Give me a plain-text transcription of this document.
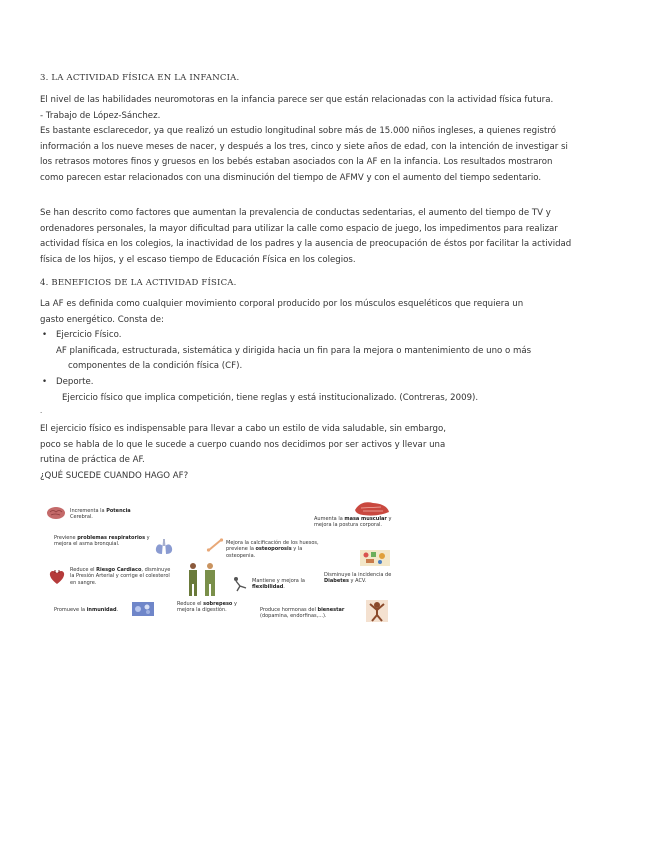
3. LA ACTIVIDAD FÍSICA EN LA INFANCIA.

El nivel de las habilidades neuromotoras en la infancia parece ser que están relacionadas con la actividad física futura.

- Trabajo de López-Sánchez.

Es bastante esclarecedor, ya que realizó un estudio longitudinal sobre más de 15.000 niños ingleses, a quienes registró

información a los nueve meses de nacer, y después a los tres, cinco y siete años de edad, con la intención de investigar si

los retrasos motores finos y gruesos en los bebés estaban asociados con la AF en la infancia. Los resultados mostraron

como parecen estar relacionados con una disminución del tiempo de AFMV y con el aumento del tiempo sedentario.

Se han descrito como factores que aumentan la prevalencia de conductas sedentarias, el aumento del tiempo de TV y

ordenadores personales, la mayor dificultad para utilizar la calle como espacio de juego, los impedimentos para realizar

actividad física en los colegios, la inactividad de los padres y la ausencia de preocupación de éstos por facilitar la actividad

física de los hijos, y el escaso tiempo de Educación Física en los colegios.

4. BENEFICIOS DE LA ACTIVIDAD FÍSICA.

La AF es definida como cualquier movimiento corporal producido por los músculos esqueléticos que requiera un

gasto energético. Consta de:

• Ejercicio Físico.
AF planificada, estructurada, sistemática y dirigida hacia un fin para la mejora o mantenimiento de uno o más
componentes de la condición física (CF).
• Deporte.
Ejercicio físico que implica competición, tiene reglas y está institucionalizado. (Contreras, 2009).
.
El ejercicio físico es indispensable para llevar a cabo un estilo de vida saludable, sin embargo,
poco se habla de lo que le sucede a cuerpo cuando nos decidimos por ser activos y llevar una
rutina de práctica de AF.
¿QUÉ SUCEDE CUANDO HAGO AF?
Incrementa la Potencia Cerebral.	Aumenta la masa muscular y mejora la postura corporal.
Previene problemas respiratorios y mejora el asma bronquial.	Mejora la calcificación de los huesos, previene la osteoporosis y la osteopenia.
Reduce el Riesgo Cardiaco, disminuye la Presión Arterial y corrige el colesterol en sangre.	Mantiene y mejora la flexibilidad.
Disminuye la incidencia de Diabetes y ACV.
Promueve la inmunidad.
Reduce el sobrepeso y mejora la digestión.	Produce hormonas del bienestar (dopamina, endorfinas,...).
